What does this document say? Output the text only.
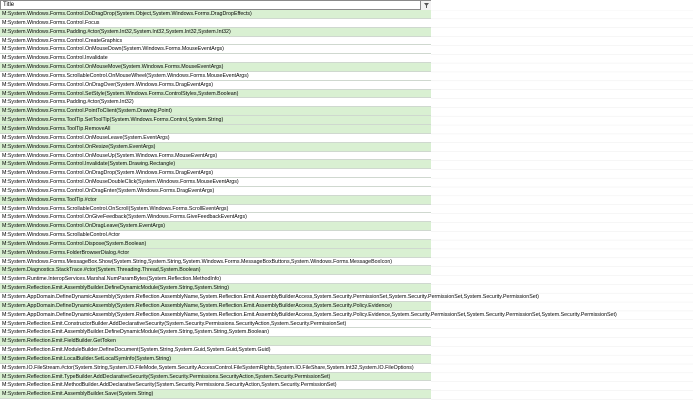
Title
M:System.Windows.Forms.Control.DoDragDrop(System.Object,System.Windows.Forms.DragDropEffects)
M:System.Windows.Forms.Control.Focus
M:System.Windows.Forms.Padding.#ctor(System.Int32,System.Int32,System.Int32,System.Int32)
M:System.Windows.Forms.Control.CreateGraphics
M:System.Windows.Forms.Control.OnMouseDown(System.Windows.Forms.MouseEventArgs)
M:System.Windows.Forms.Control.Invalidate
M:System.Windows.Forms.Control.OnMouseMove(System.Windows.Forms.MouseEventArgs)
M:System.Windows.Forms.ScrollableControl.OnMouseWheel(System.Windows.Forms.MouseEventArgs)
M:System.Windows.Forms.Control.OnDragOver(System.Windows.Forms.DragEventArgs)
M:System.Windows.Forms.Control.SetStyle(System.Windows.Forms.ControlStyles,System.Boolean)
M:System.Windows.Forms.Padding.#ctor(System.Int32)
M:System.Windows.Forms.Control.PointToClient(System.Drawing.Point)
M:System.Windows.Forms.ToolTip.SetToolTip(System.Windows.Forms.Control,System.String)
M:System.Windows.Forms.ToolTip.RemoveAll
M:System.Windows.Forms.Control.OnMouseLeave(System.EventArgs)
M:System.Windows.Forms.Control.OnResize(System.EventArgs)
M:System.Windows.Forms.Control.OnMouseUp(System.Windows.Forms.MouseEventArgs)
M:System.Windows.Forms.Control.Invalidate(System.Drawing.Rectangle)
M:System.Windows.Forms.Control.OnDragDrop(System.Windows.Forms.DragEventArgs)
M:System.Windows.Forms.Control.OnMouseDoubleClick(System.Windows.Forms.MouseEventArgs)
M:System.Windows.Forms.Control.OnDragEnter(System.Windows.Forms.DragEventArgs)
M:System.Windows.Forms.ToolTip.#ctor
M:System.Windows.Forms.ScrollableControl.OnScroll(System.Windows.Forms.ScrollEventArgs)
M:System.Windows.Forms.Control.OnGiveFeedback(System.Windows.Forms.GiveFeedbackEventArgs)
M:System.Windows.Forms.Control.OnDragLeave(System.EventArgs)
M:System.Windows.Forms.ScrollableControl.#ctor
M:System.Windows.Forms.Control.Dispose(System.Boolean)
M:System.Windows.Forms.FolderBrowserDialog.#ctor
M:System.Windows.Forms.MessageBox.Show(System.String,System.String,System.Windows.Forms.MessageBoxButtons,System.Windows.Forms.MessageBoxIcon)
M:System.Diagnostics.StackTrace.#ctor(System.Threading.Thread,System.Boolean)
M:System.Runtime.InteropServices.Marshal.NumParamBytes(System.Reflection.MethodInfo)
M:System.Reflection.Emit.AssemblyBuilder.DefineDynamicModule(System.String,System.String)
M:System.AppDomain.DefineDynamicAssembly(System.Reflection.AssemblyName,System.Reflection.Emit.AssemblyBuilderAccess,System.Security.PermissionSet,System.Security.PermissionSet,System.Security.PermissionSet)
M:System.AppDomain.DefineDynamicAssembly(System.Reflection.AssemblyName,System.Reflection.Emit.AssemblyBuilderAccess,System.Security.Policy.Evidence)
M:System.AppDomain.DefineDynamicAssembly(System.Reflection.AssemblyName,System.Reflection.Emit.AssemblyBuilderAccess,System.Security.Policy.Evidence,System.Security.PermissionSet,System.Security.PermissionSet,System.Security.PermissionSet)
M:System.Reflection.Emit.ConstructorBuilder.AddDeclarativeSecurity(System.Security.Permissions.SecurityAction,System.Security.PermissionSet)
M:System.Reflection.Emit.AssemblyBuilder.DefineDynamicModule(System.String,System.String,System.Boolean)
M:System.Reflection.Emit.FieldBuilder.GetToken
M:System.Reflection.Emit.ModuleBuilder.DefineDocument(System.String,System.Guid,System.Guid,System.Guid)
M:System.Reflection.Emit.LocalBuilder.SetLocalSymInfo(System.String)
M:System.IO.FileStream.#ctor(System.String,System.IO.FileMode,System.Security.AccessControl.FileSystemRights,System.IO.FileShare,System.Int32,System.IO.FileOptions)
M:System.Reflection.Emit.TypeBuilder.AddDeclarativeSecurity(System.Security.Permissions.SecurityAction,System.Security.PermissionSet)
M:System.Reflection.Emit.MethodBuilder.AddDeclarativeSecurity(System.Security.Permissions.SecurityAction,System.Security.PermissionSet)
M:System.Reflection.Emit.AssemblyBuilder.Save(System.String)
